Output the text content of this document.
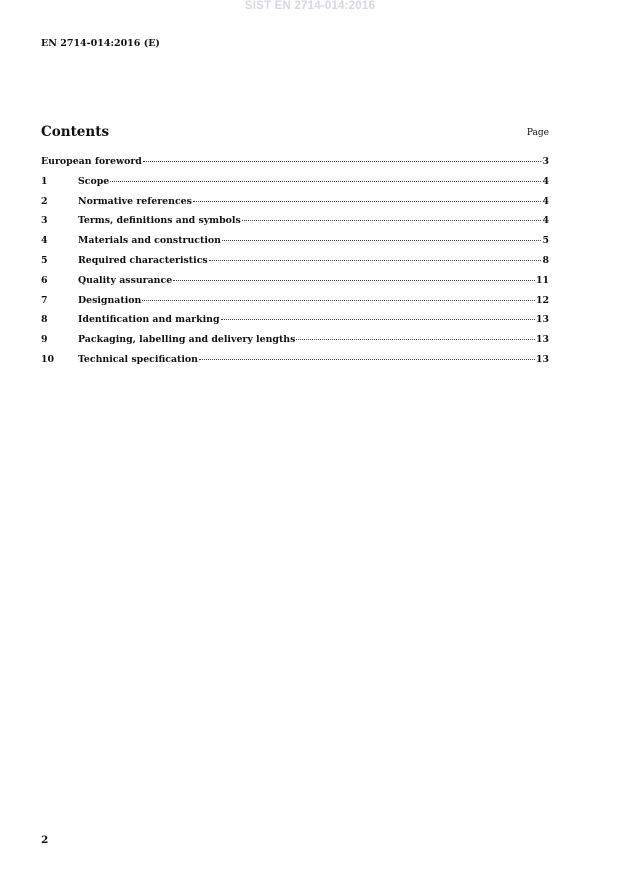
SIST EN 2714-014:2016
EN 2714-014:2016 (E)
Contents	Page
European foreword	3
1	Scope	4
2	Normative references	4
3	Terms, definitions and symbols	4
4	Materials and construction	5
5	Required characteristics	8
6	Quality assurance	11
7	Designation	12
8	Identification and marking	13
9	Packaging, labelling and delivery lengths	13
10	Technical specification	13
2
